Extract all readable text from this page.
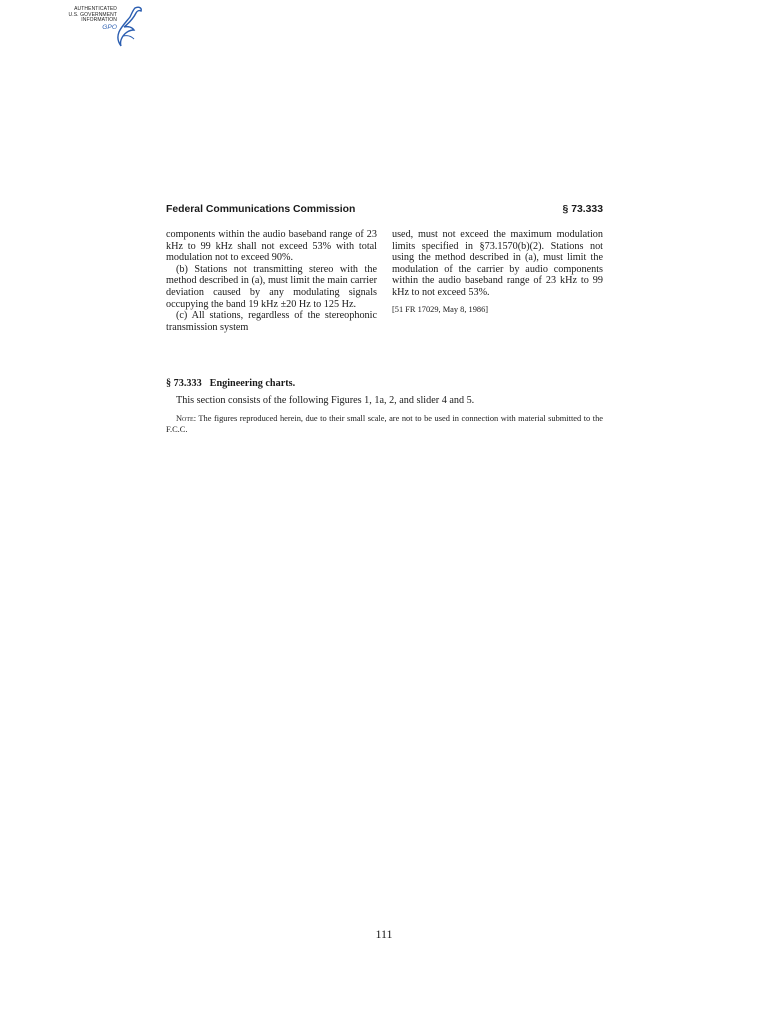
AUTHENTICATED
U.S. GOVERNMENT
INFORMATION
GPO
Federal Communications Commission	§ 73.333

components within the audio baseband range of 23 kHz to 99 kHz shall not exceed 53% with total modulation not to exceed 90%.

(b) Stations not transmitting stereo with the method described in (a), must limit the main carrier deviation caused by any modulating signals occupying the band 19 kHz ±20 Hz to 125 Hz.

(c) All stations, regardless of the stereophonic transmission system

used, must not exceed the maximum modulation limits specified in §73.1570(b)(2). Stations not using the method described in (a), must limit the modulation of the carrier by audio components within the audio baseband range of 23 kHz to 99 kHz to not exceed 53%.

[51 FR 17029, May 8, 1986]

§ 73.333 Engineering charts.

This section consists of the following Figures 1, 1a, 2, and slider 4 and 5.

Note: The figures reproduced herein, due to their small scale, are not to be used in connection with material submitted to the F.C.C.

111
